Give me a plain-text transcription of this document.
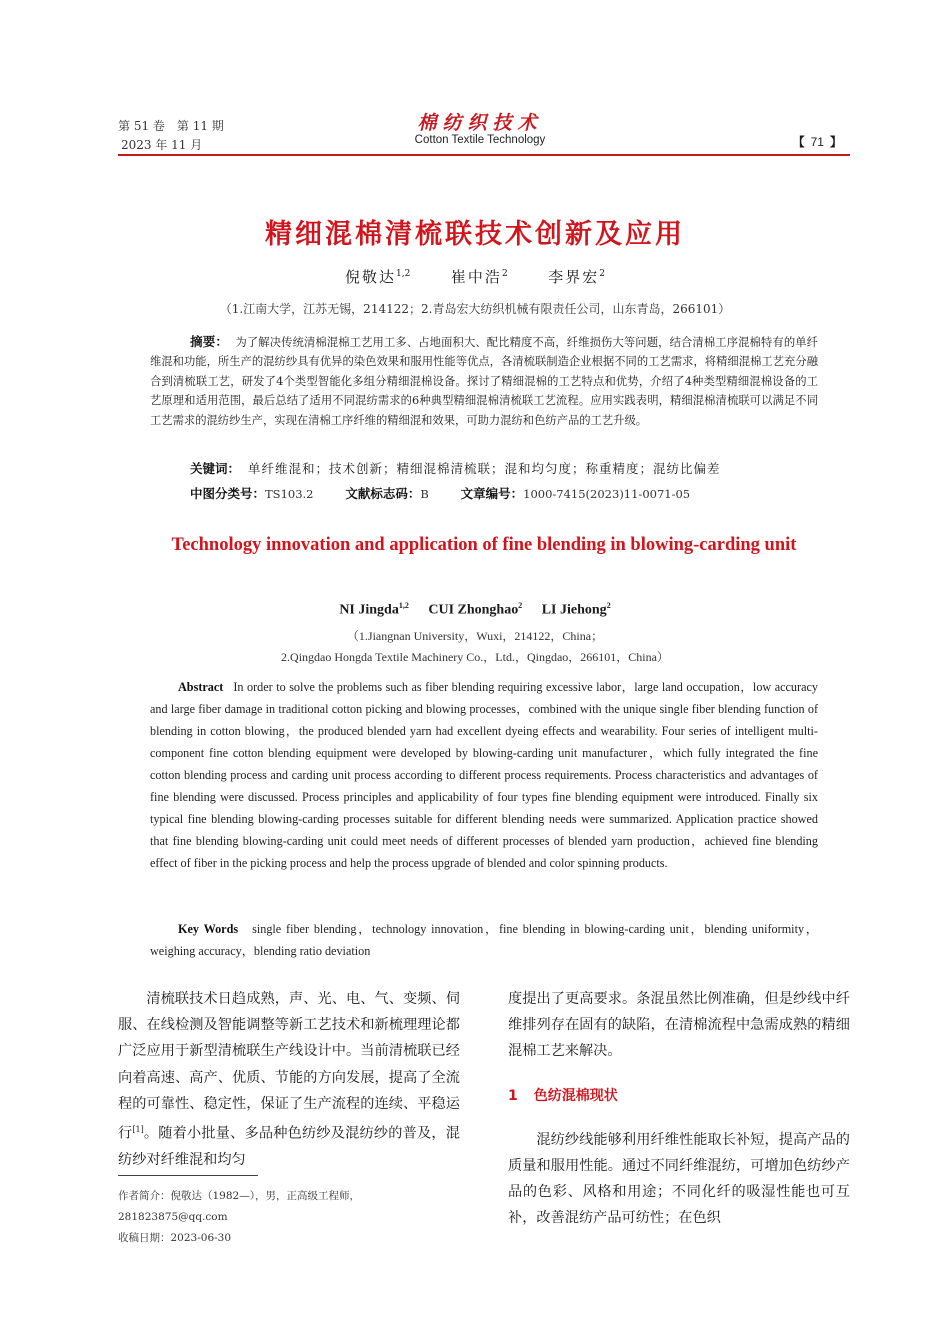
第 51 卷　第 11 期
2023 年 11 月
棉纺织技术
Cotton Textile Technology	【 71 】
精细混棉清梳联技术创新及应用
倪敬达$^{1,2}$	崔中浩$^2$	李界宏$^2$
（1.江南大学，江苏无锡，214122；2.青岛宏大纺织机械有限责任公司，山东青岛，266101）
摘要： 为了解决传统清棉混棉工艺用工多、占地面积大、配比精度不高，纤维损伤大等问题，结合清棉工序混棉特有的单纤维混和功能，所生产的混纺纱具有优异的染色效果和服用性能等优点，各清梳联制造企业根据不同的工艺需求，将精细混棉工艺充分融合到清梳联工艺，研发了4个类型智能化多组分精细混棉设备。探讨了精细混棉的工艺特点和优势，介绍了4种类型精细混棉设备的工艺原理和适用范围，最后总结了适用不同混纺需求的6种典型精细混棉清梳联工艺流程。应用实践表明，精细混棉清梳联可以满足不同工艺需求的混纺纱生产，实现在清棉工序纤维的精细混和效果，可助力混纺和色纺产品的工艺升级。
关键词： 单纤维混和；技术创新；精细混棉清梳联；混和均匀度；称重精度；混纺比偏差
中图分类号：TS103.2	文献标志码：B	文章编号：1000-7415(2023)11-0071-05
Technology innovation and application of fine blending in blowing-carding unit
NI Jingda$^{1,2}$ CUI Zhonghao$^2$ LI Jiehong$^2$
（1.Jiangnan University，Wuxi，214122，China；
2.Qingdao Hongda Textile Machinery Co.，Ltd.，Qingdao，266101，China）
Abstract In order to solve the problems such as fiber blending requiring excessive labor，large land occupation，low accuracy and large fiber damage in traditional cotton picking and blowing processes，combined with the unique single fiber blending function of blending in cotton blowing，the produced blended yarn had excellent dyeing effects and wearability. Four series of intelligent multi-component fine cotton blending equipment were developed by blowing-carding unit manufacturer，which fully integrated the fine cotton blending process and carding unit process according to different process requirements. Process characteristics and advantages of fine blending were discussed. Process principles and applicability of four types fine blending equipment were introduced. Finally six typical fine blending blowing-carding processes suitable for different blending needs were summarized. Application practice showed that fine blending blowing-carding unit could meet needs of different processes of blended yarn production，achieved fine blending effect of fiber in the picking process and help the process upgrade of blended and color spinning products.
Key Words single fiber blending，technology innovation，fine blending in blowing-carding unit，blending uniformity，weighing accuracy，blending ratio deviation
清梳联技术日趋成熟，声、光、电、气、变频、伺服、在线检测及智能调整等新工艺技术和新梳理理论都广泛应用于新型清梳联生产线设计中。当前清梳联已经向着高速、高产、优质、节能的方向发展，提高了全流程的可靠性、稳定性，保证了生产流程的连续、平稳运行[1]。随着小批量、多品种色纺纱及混纺纱的普及，混纺纱对纤维混和均匀
度提出了更高要求。条混虽然比例准确，但是纱线中纤维排列存在固有的缺陷，在清棉流程中急需成熟的精细混棉工艺来解决。
1 色纺混棉现状
混纺纱线能够利用纤维性能取长补短，提高产品的质量和服用性能。通过不同纤维混纺，可增加色纺纱产品的色彩、风格和用途；不同化纤的吸湿性能也可互补，改善混纺产品可纺性；在色织
作者简介：倪敬达（1982—），男，正高级工程师，281823875@qq.com
收稿日期：2023-06-30
